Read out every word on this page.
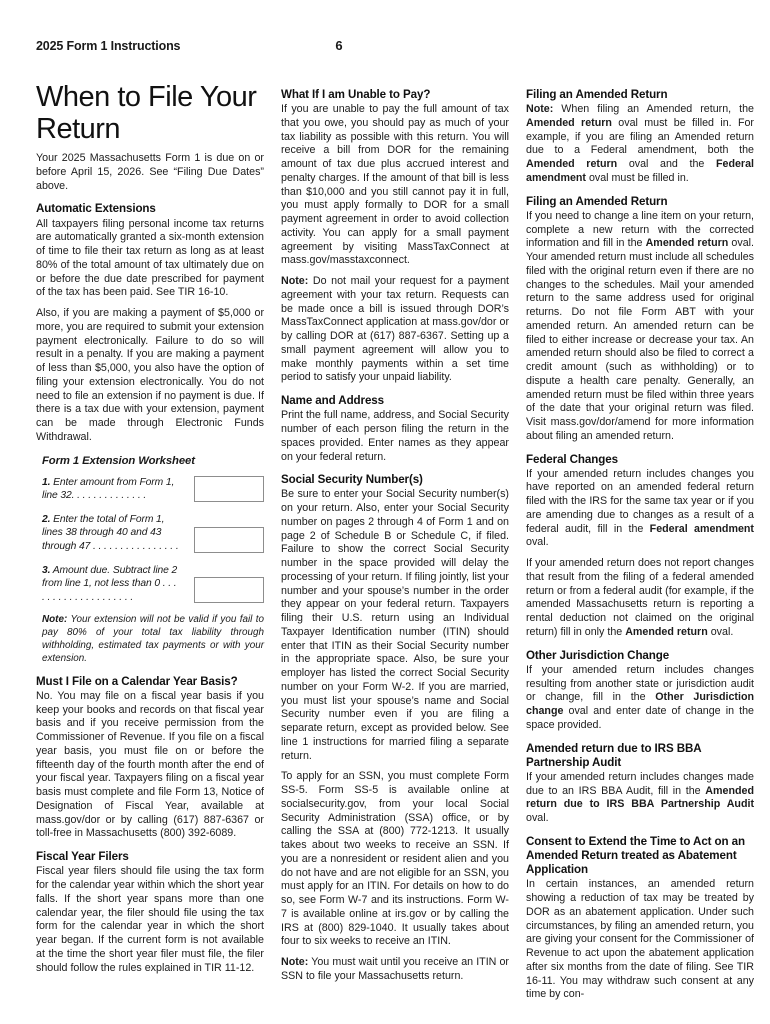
2025 Form 1 Instructions	6
When to File Your Return

Your 2025 Massachusetts Form 1 is due on or before April 15, 2026. See “Filing Due Dates” above.

Automatic Extensions

All taxpayers filing personal income tax returns are automatically granted a six-month extension of time to file their tax return as long as at least 80% of the total amount of tax ultimately due on or before the due date prescribed for payment of the tax has been paid. See TIR 16-10.

Also, if you are making a payment of $5,000 or more, you are required to submit your extension payment electronically. Failure to do so will result in a penalty. If you are making a payment of less than $5,000, you also have the option of filing your extension electronically. You do not need to file an extension if no payment is due. If there is a tax due with your extension, payment can be made through Electronic Funds Withdrawal.

Form 1 Extension Worksheet
1. Enter amount from Form 1, line 32. . . . . . . . . . . . . .
2. Enter the total of Form 1, lines 38 through 40 and 43 through 47 . . . . . . . . . . . . . . . .
3. Amount due. Subtract line 2 from line 1, not less than 0 . . . . . . . . . . . . . . . . . . . .

Note: Your extension will not be valid if you fail to pay 80% of your total tax liability through withholding, estimated tax payments or with your extension.

Must I File on a Calendar Year Basis?

No. You may file on a fiscal year basis if you keep your books and records on that fiscal year basis and if you receive permission from the Commissioner of Revenue. If you file on a fiscal year basis, you must file on or before the fifteenth day of the fourth month after the end of your fiscal year. Taxpayers filing on a fiscal year basis must complete and file Form 13, Notice of Designation of Fiscal Year, available at mass.gov/dor or by calling (617) 887-6367 or toll-free in Massachusetts (800) 392-6089.

Fiscal Year Filers

Fiscal year filers should file using the tax form for the calendar year within which the short year falls. If the short year spans more than one calendar year, the filer should file using the tax form for the calendar year in which the short year began. If the current form is not available at the time the short year filer must file, the filer should follow the rules explained in TIR 11-12.

What If I am Unable to Pay?

If you are unable to pay the full amount of tax that you owe, you should pay as much of your tax liability as possible with this return. You will receive a bill from DOR for the remaining amount of tax due plus accrued interest and penalty charges. If the amount of that bill is less than $10,000 and you still cannot pay it in full, you must apply formally to DOR for a small payment agreement in order to avoid collection activity. You can apply for a small payment agreement by visiting MassTaxConnect at mass.gov/masstaxconnect.

Note: Do not mail your request for a payment agreement with your tax return. Requests can be made once a bill is issued through DOR’s MassTaxConnect application at mass.gov/dor or by calling DOR at (617) 887-6367. Setting up a small payment agreement will allow you to make monthly payments within a set time period to satisfy your unpaid liability.

Name and Address

Print the full name, address, and Social Security number of each person filing the return in the spaces provided. Enter names as they appear on your federal return.

Social Security Number(s)

Be sure to enter your Social Security number(s) on your return. Also, enter your Social Security number on pages 2 through 4 of Form 1 and on page 2 of Schedule B or Schedule C, if filed. Failure to show the correct Social Security number in the space provided will delay the processing of your return. If filing jointly, list your number and your spouse’s number in the order they appear on your federal return. Taxpayers filing their U.S. return using an Individual Taxpayer Identification number (ITIN) should enter that ITIN as their Social Security number in the appropriate space. Also, be sure your employer has listed the correct Social Security number on your Form W-2. If you are married, you must list your spouse’s name and Social Security number even if you are filing a separate return, except as provided below. See line 1 instructions for married filing a separate return.

To apply for an SSN, you must complete Form SS-5. Form SS-5 is available online at socialsecurity.gov, from your local Social Security Administration (SSA) office, or by calling the SSA at (800) 772-1213. It usually takes about two weeks to receive an SSN. If you are a nonresident or resident alien and you do not have and are not eligible for an SSN, you must apply for an ITIN. For details on how to do so, see Form W-7 and its instructions. Form W-7 is available online at irs.gov or by calling the IRS at (800) 829-1040. It usually takes about four to six weeks to receive an ITIN.

Note: You must wait until you receive an ITIN or SSN to file your Massachusetts return.

Filing an Amended Return

Note: When filing an Amended return, the Amended return oval must be filled in. For example, if you are filing an Amended return due to a Federal amendment, both the Amended return oval and the Federal amendment oval must be filled in.

Filing an Amended Return

If you need to change a line item on your return, complete a new return with the corrected information and fill in the Amended return oval. Your amended return must include all schedules filed with the original return even if there are no changes to the schedules. Mail your amended return to the same address used for original returns. Do not file Form ABT with your amended return. An amended return can be filed to either increase or decrease your tax. An amended return should also be filed to correct a credit amount (such as withholding) or to dispute a health care penalty. Generally, an amended return must be filed within three years of the date that your original return was filed. Visit mass.gov/dor/amend for more information about filing an amended return.

Federal Changes

If your amended return includes changes you have reported on an amended federal return filed with the IRS for the same tax year or if you are amending due to changes as a result of a federal audit, fill in the Federal amendment oval.

If your amended return does not report changes that result from the filing of a federal amended return or from a federal audit (for example, if the amended Massachusetts return is reporting a rental deduction not claimed on the original return) fill in only the Amended return oval.

Other Jurisdiction Change

If your amended return includes changes resulting from another state or jurisdiction audit or change, fill in the Other Jurisdiction change oval and enter date of change in the space provided.

Amended return due to IRS BBA Partnership Audit

If your amended return includes changes made due to an IRS BBA Audit, fill in the Amended return due to IRS BBA Partnership Audit oval.

Consent to Extend the Time to Act on an Amended Return treated as Abatement Application

In certain instances, an amended return showing a reduction of tax may be treated by DOR as an abatement application. Under such circumstances, by filing an amended return, you are giving your consent for the Commissioner of Revenue to act upon the abatement application after six months from the date of filing. See TIR 16-11. You may withdraw such consent at any time by con-
